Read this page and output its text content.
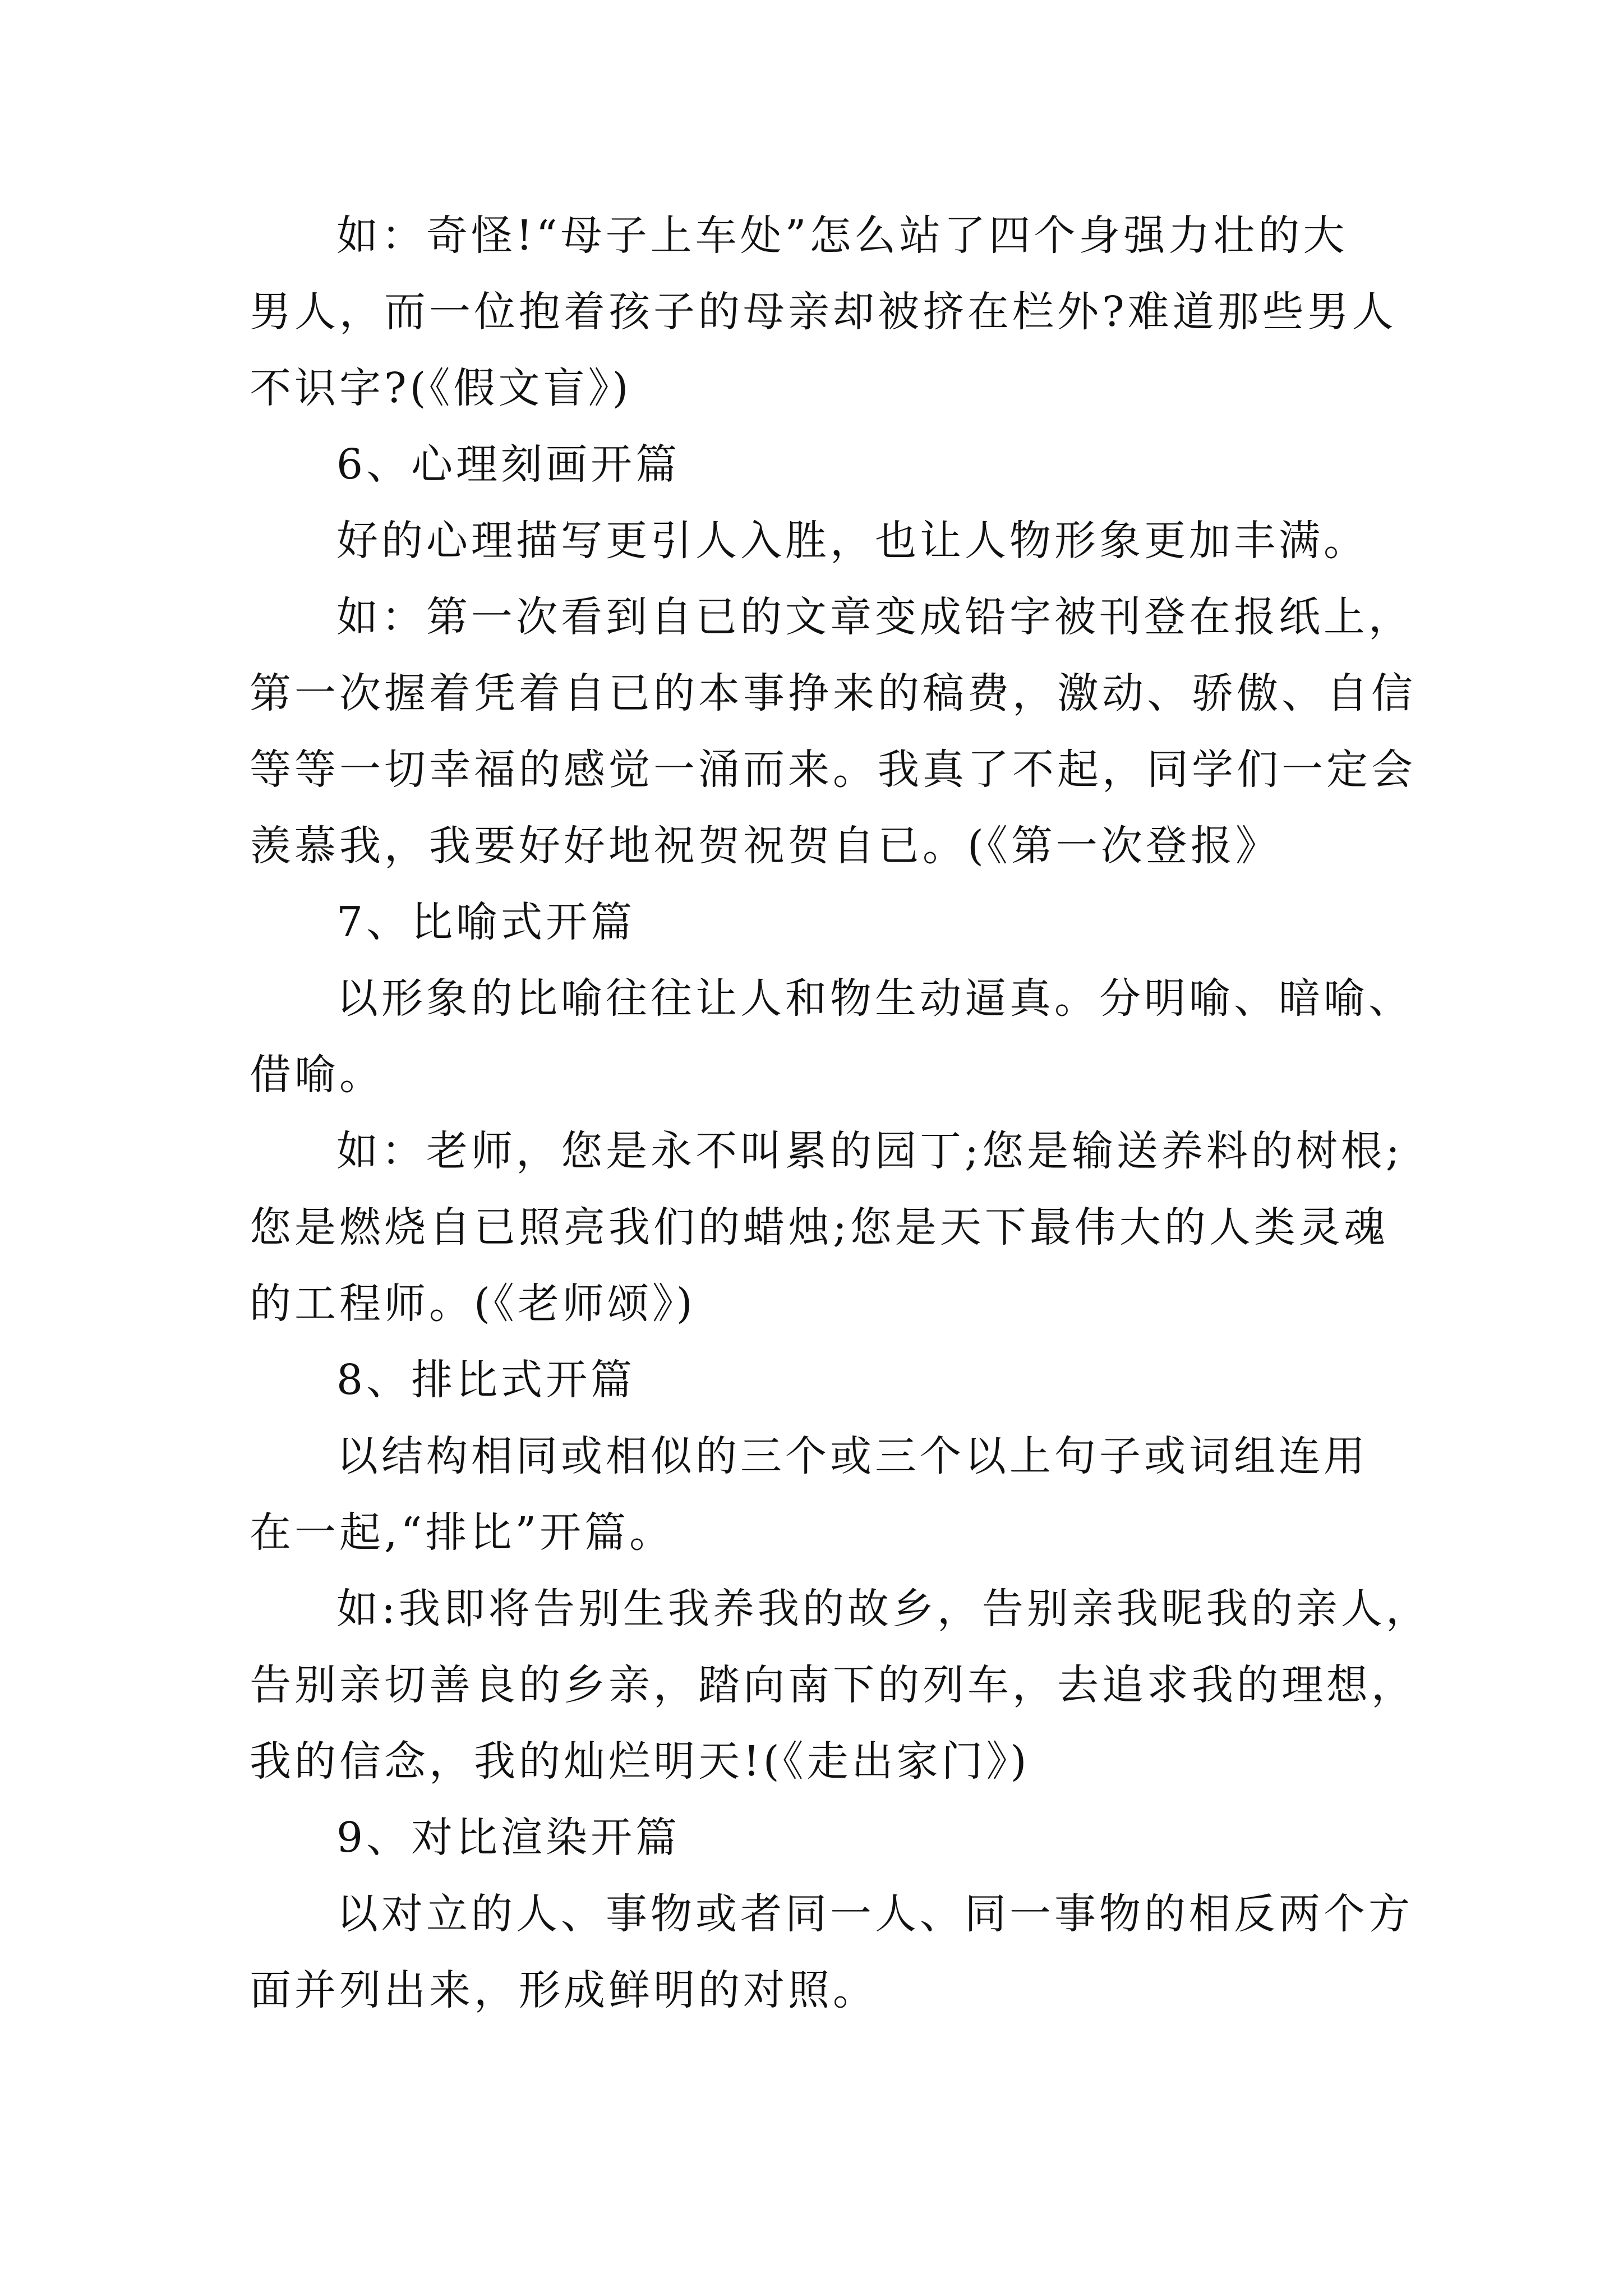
如：奇怪!“母子上车处”怎么站了四个身强力壮的大
男人，而一位抱着孩子的母亲却被挤在栏外?难道那些男人
不识字?(《假文盲》)
6、心理刻画开篇
好的心理描写更引人入胜，也让人物形象更加丰满。
如：第一次看到自已的文章变成铅字被刊登在报纸上，
第一次握着凭着自已的本事挣来的稿费，激动、骄傲、自信
等等一切幸福的感觉一涌而来。我真了不起，同学们一定会
羡慕我，我要好好地祝贺祝贺自已。(《第一次登报》
7、比喻式开篇
以形象的比喻往往让人和物生动逼真。分明喻、暗喻、
借喻。
如：老师，您是永不叫累的园丁;您是输送养料的树根;
您是燃烧自已照亮我们的蜡烛;您是天下最伟大的人类灵魂
的工程师。(《老师颂》)
8、排比式开篇
以结构相同或相似的三个或三个以上句子或词组连用
在一起,“排比”开篇。
如:我即将告别生我养我的故乡，告别亲我昵我的亲人，
告别亲切善良的乡亲，踏向南下的列车，去追求我的理想，
我的信念，我的灿烂明天!(《走出家门》)
9、对比渲染开篇
以对立的人、事物或者同一人、同一事物的相反两个方
面并列出来，形成鲜明的对照。
